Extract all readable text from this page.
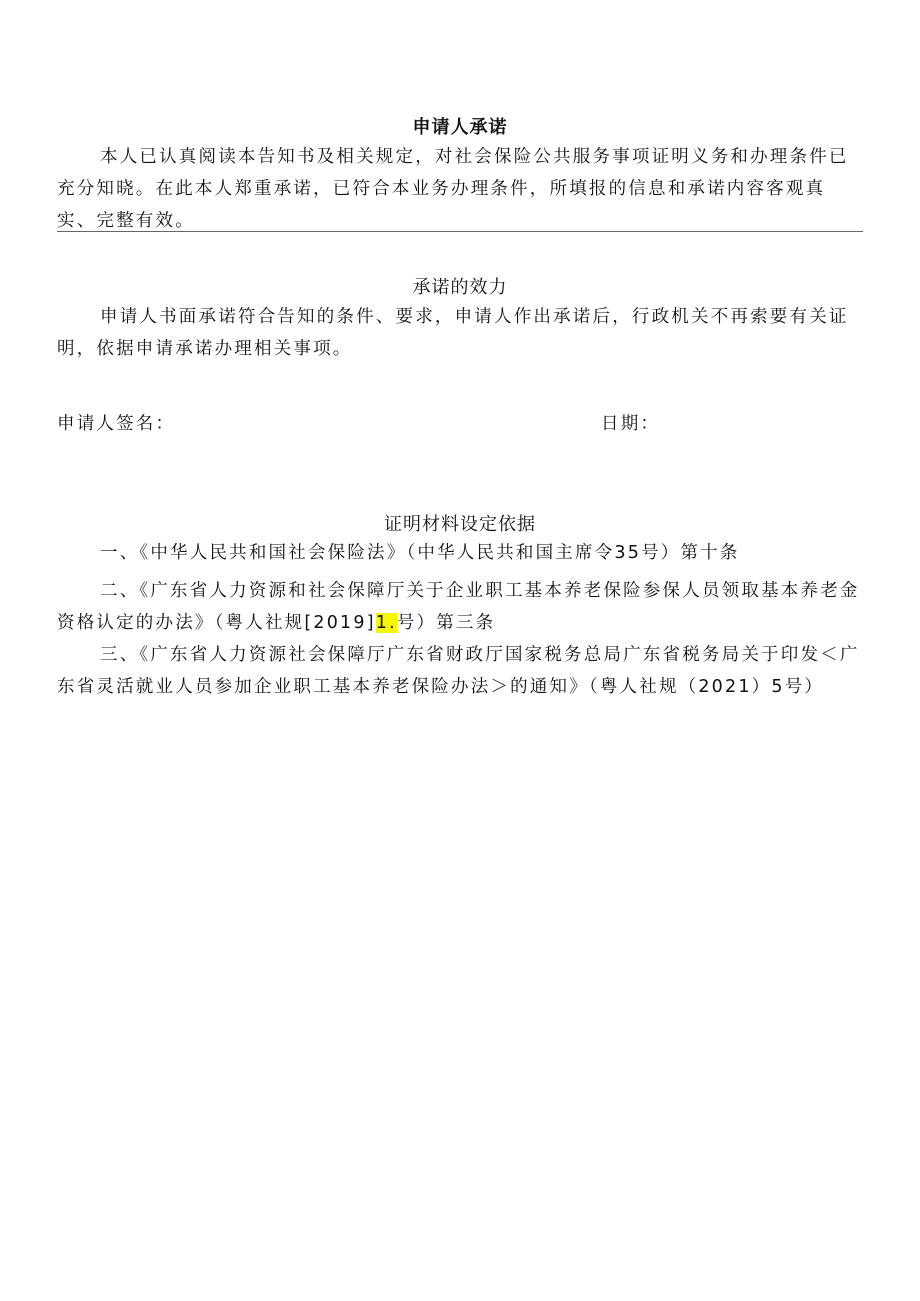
申请人承诺

本人已认真阅读本告知书及相关规定，对社会保险公共服务事项证明义务和办理条件已充分知晓。在此本人郑重承诺，已符合本业务办理条件，所填报的信息和承诺内容客观真实、完整有效。

承诺的效力

申请人书面承诺符合告知的条件、要求，申请人作出承诺后，行政机关不再索要有关证明，依据申请承诺办理相关事项。

申请人签名：	日期：
证明材料设定依据

一、《中华人民共和国社会保险法》（中华人民共和国主席令35号）第十条

二、《广东省人力资源和社会保障厅关于企业职工基本养老保险参保人员领取基本养老金资格认定的办法》（粤人社规[2019]1.号）第三条

三、《广东省人力资源社会保障厅广东省财政厅国家税务总局广东省税务局关于印发＜广东省灵活就业人员参加企业职工基本养老保险办法＞的通知》（粤人社规（2021）5号）
